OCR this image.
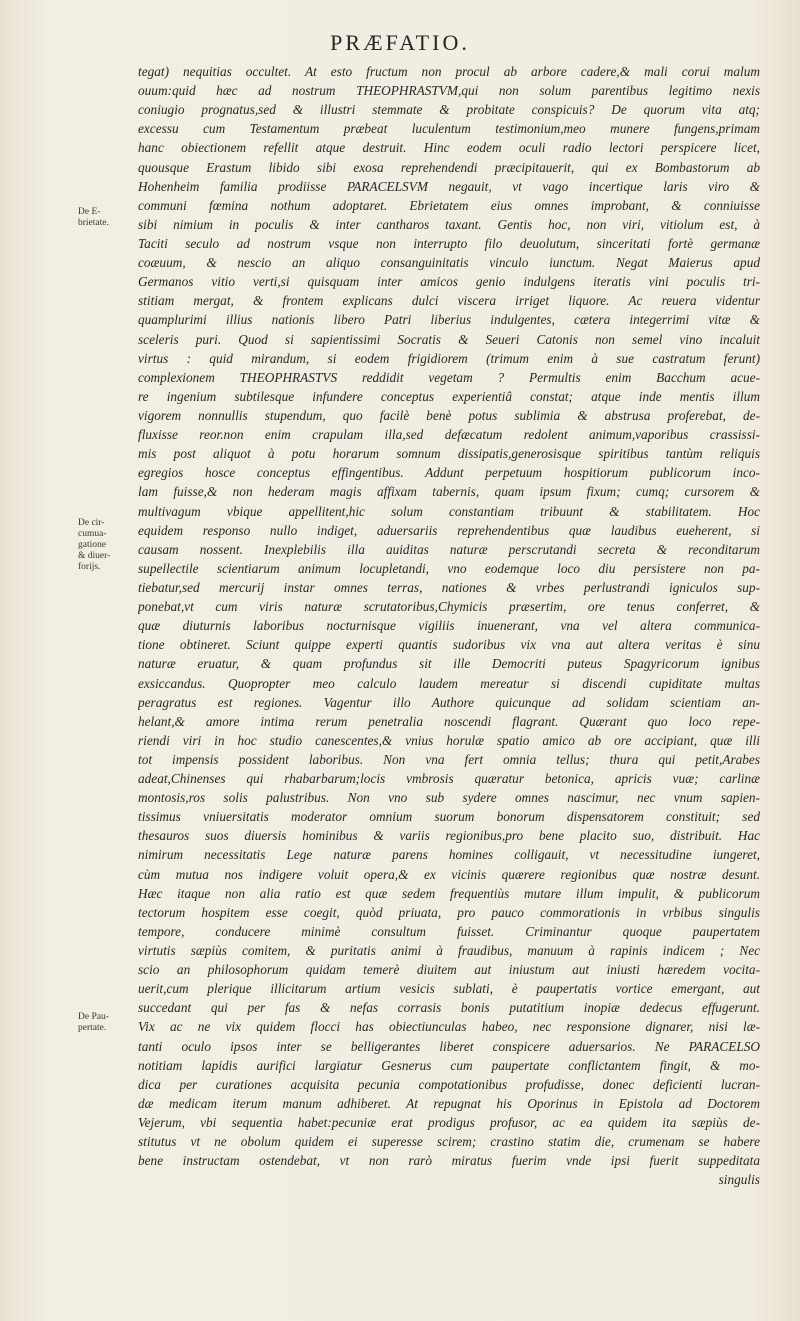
PRÆFATIO.
De E-
brietate.
De cir-
cumua-
gatione
& diuer-
forijs.
De Pau-
pertate.
tegat) nequitias occultet. At esto fructum non procul ab arbore cadere,& mali corui malum
ouum:quid hæc ad nostrum THEOPHRASTVM,qui non solum parentibus legitimo nexis
coniugio prognatus,sed & illustri stemmate & probitate conspicuis? De quorum vita atq;
excessu cum Testamentum præbeat luculentum testimonium,meo munere fungens,primam
hanc obiectionem refellit atque destruit. Hinc eodem oculi radio lectori perspicere licet,
quousque Erastum libido sibi exosa reprehendendi præcipitauerit, qui ex Bombastorum ab
Hohenheim familia prodiisse PARACELSVM negauit, vt vago incertique laris viro &
communi fœmina nothum adoptaret. Ebrietatem eius omnes improbant, & conniuisse
sibi nimium in poculis & inter cantharos taxant. Gentis hoc, non viri, vitiolum est, à
Taciti seculo ad nostrum vsque non interrupto filo deuolutum, sinceritati fortè germanæ
coæuum, & nescio an aliquo consanguinitatis vinculo iunctum. Negat Maierus apud
Germanos vitio verti,si quisquam inter amicos genio indulgens iteratis vini poculis tri-
stitiam mergat, & frontem explicans dulci viscera irriget liquore. Ac reuera videntur
quamplurimi illius nationis libero Patri liberius indulgentes, cætera integerrimi vitæ &
sceleris puri. Quod si sapientissimi Socratis & Seueri Catonis non semel vino incaluit
virtus : quid mirandum, si eodem frigidiorem (trimum enim à sue castratum ferunt)
complexionem THEOPHRASTVS reddidit vegetam ? Permultis enim Bacchum acue-
re ingenium subtilesque infundere conceptus experientiâ constat; atque inde mentis illum
vigorem nonnullis stupendum, quo facilè benè potus sublimia & abstrusa proferebat, de-
fluxisse reor.non enim crapulam illa,sed defæcatum redolent animum,vaporibus crassissi-
mis post aliquot à potu horarum somnum dissipatis,generosisque spiritibus tantùm reliquis
egregios hosce conceptus effingentibus. Addunt perpetuum hospitiorum publicorum inco-
lam fuisse,& non hederam magis affixam tabernis, quam ipsum fixum; cumq; cursorem &
multivagum vbique appellitent,hic solum constantiam tribuunt & stabilitatem. Hoc
equidem responso nullo indiget, aduersariis reprehendentibus quæ laudibus eueherent, si
causam nossent. Inexplebilis illa auiditas naturæ perscrutandi secreta & reconditarum
supellectile scientiarum animum locupletandi, vno eodemque loco diu persistere non pa-
tiebatur,sed mercurij instar omnes terras, nationes & vrbes perlustrandi igniculos sup-
ponebat,vt cum viris naturæ scrutatoribus,Chymicis præsertim, ore tenus conferret, &
quæ diuturnis laboribus nocturnisque vigiliis inuenerant, vna vel altera communica-
tione obtineret. Sciunt quippe experti quantis sudoribus vix vna aut altera veritas è sinu
naturæ eruatur, & quam profundus sit ille Democriti puteus Spagyricorum ignibus
exsiccandus. Quopropter meo calculo laudem mereatur si discendi cupiditate multas
peragratus est regiones. Vagentur illo Authore quicunque ad solidam scientiam an-
helant,& amore intima rerum penetralia noscendi flagrant. Quærant quo loco repe-
riendi viri in hoc studio canescentes,& vnius horulæ spatio amico ab ore accipiant, quæ illi
tot impensis possident laboribus. Non vna fert omnia tellus; thura qui petit,Arabes
adeat,Chinenses qui rhabarbarum;locis vmbrosis quæratur betonica, apricis vuæ; carlinæ
montosis,ros solis palustribus. Non vno sub sydere omnes nascimur, nec vnum sapien-
tissimus vniuersitatis moderator omnium suorum bonorum dispensatorem constituit; sed
thesauros suos diuersis hominibus & variis regionibus,pro bene placito suo, distribuit. Hac
nimirum necessitatis Lege naturæ parens homines colligauit, vt necessitudine iungeret,
cùm mutua nos indigere voluit opera,& ex vicinis quærere regionibus quæ nostræ desunt.
Hæc itaque non alia ratio est quæ sedem frequentiùs mutare illum impulit, & publicorum
tectorum hospitem esse coegit, quòd priuata, pro pauco commorationis in vrbibus singulis
tempore, conducere minimè consultum fuisset. Criminantur quoque paupertatem
virtutis sæpiùs comitem, & puritatis animi à fraudibus, manuum à rapinis indicem ; Nec
scio an philosophorum quidam temerè diuitem aut iniustum aut iniusti hæredem vocita-
uerit,cum plerique illicitarum artium vesicis sublati, è paupertatis vortice emergant, aut
succedant qui per fas & nefas corrasis bonis putatitium inopiæ dedecus effugerunt.
Vix ac ne vix quidem flocci has obiectiunculas habeo, nec responsione dignarer, nisi læ-
tanti oculo ipsos inter se belligerantes liberet conspicere aduersarios. Ne PARACELSO
notitiam lapidis aurifici largiatur Gesnerus cum paupertate conflictantem fingit, & mo-
dica per curationes acquisita pecunia compotationibus profudisse, donec deficienti lucran-
dæ medicam iterum manum adhiberet. At repugnat his Oporinus in Epistola ad Doctorem
Vejerum, vbi sequentia habet:pecuniæ erat prodigus profusor, ac ea quidem ita sæpiùs de-
stitutus vt ne obolum quidem ei superesse scirem; crastino statim die, crumenam se habere
bene instructam ostendebat, vt non rarò miratus fuerim vnde ipsi fuerit suppeditata
singulis
